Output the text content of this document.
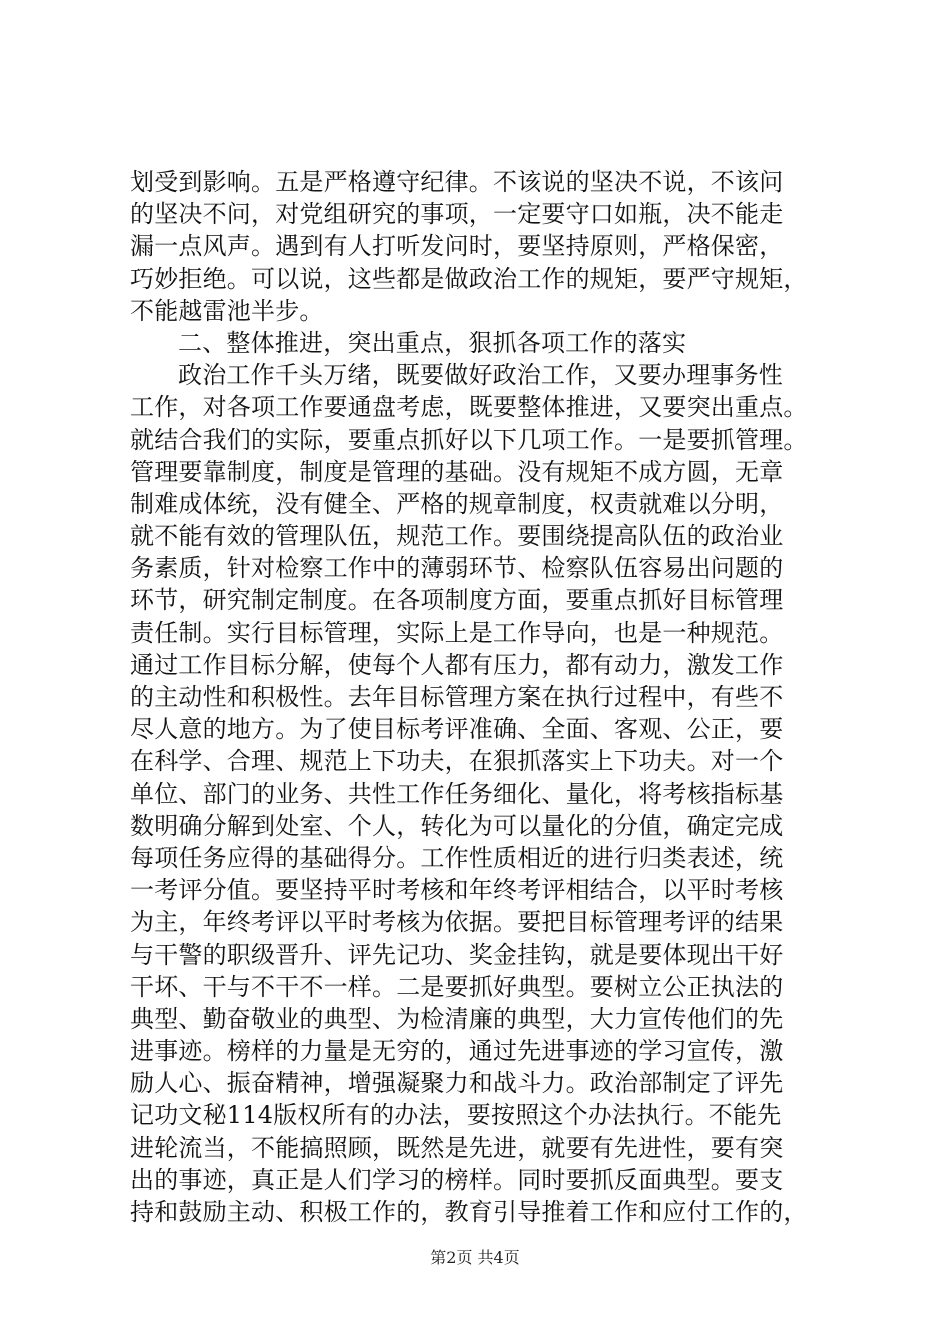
划受到影响。五是严格遵守纪律。不该说的坚决不说，不该问
的坚决不问，对党组研究的事项，一定要守口如瓶，决不能走
漏一点风声。遇到有人打听发问时，要坚持原则，严格保密，
巧妙拒绝。可以说，这些都是做政治工作的规矩，要严守规矩，
不能越雷池半步。
二、整体推进，突出重点，狠抓各项工作的落实
政治工作千头万绪，既要做好政治工作，又要办理事务性
工作，对各项工作要通盘考虑，既要整体推进，又要突出重点。
就结合我们的实际，要重点抓好以下几项工作。一是要抓管理。
管理要靠制度，制度是管理的基础。没有规矩不成方圆，无章
制难成体统，没有健全、严格的规章制度，权责就难以分明，
就不能有效的管理队伍，规范工作。要围绕提高队伍的政治业
务素质，针对检察工作中的薄弱环节、检察队伍容易出问题的
环节，研究制定制度。在各项制度方面，要重点抓好目标管理
责任制。实行目标管理，实际上是工作导向，也是一种规范。
通过工作目标分解，使每个人都有压力，都有动力，激发工作
的主动性和积极性。去年目标管理方案在执行过程中，有些不
尽人意的地方。为了使目标考评准确、全面、客观、公正，要
在科学、合理、规范上下功夫，在狠抓落实上下功夫。对一个
单位、部门的业务、共性工作任务细化、量化，将考核指标基
数明确分解到处室、个人，转化为可以量化的分值，确定完成
每项任务应得的基础得分。工作性质相近的进行归类表述，统
一考评分值。要坚持平时考核和年终考评相结合，以平时考核
为主，年终考评以平时考核为依据。要把目标管理考评的结果
与干警的职级晋升、评先记功、奖金挂钩，就是要体现出干好
干坏、干与不干不一样。二是要抓好典型。要树立公正执法的
典型、勤奋敬业的典型、为检清廉的典型，大力宣传他们的先
进事迹。榜样的力量是无穷的，通过先进事迹的学习宣传，激
励人心、振奋精神，增强凝聚力和战斗力。政治部制定了评先
记功文秘114版权所有的办法，要按照这个办法执行。不能先
进轮流当，不能搞照顾，既然是先进，就要有先进性，要有突
出的事迹，真正是人们学习的榜样。同时要抓反面典型。要支
持和鼓励主动、积极工作的，教育引导推着工作和应付工作的，
第2页 共4页
